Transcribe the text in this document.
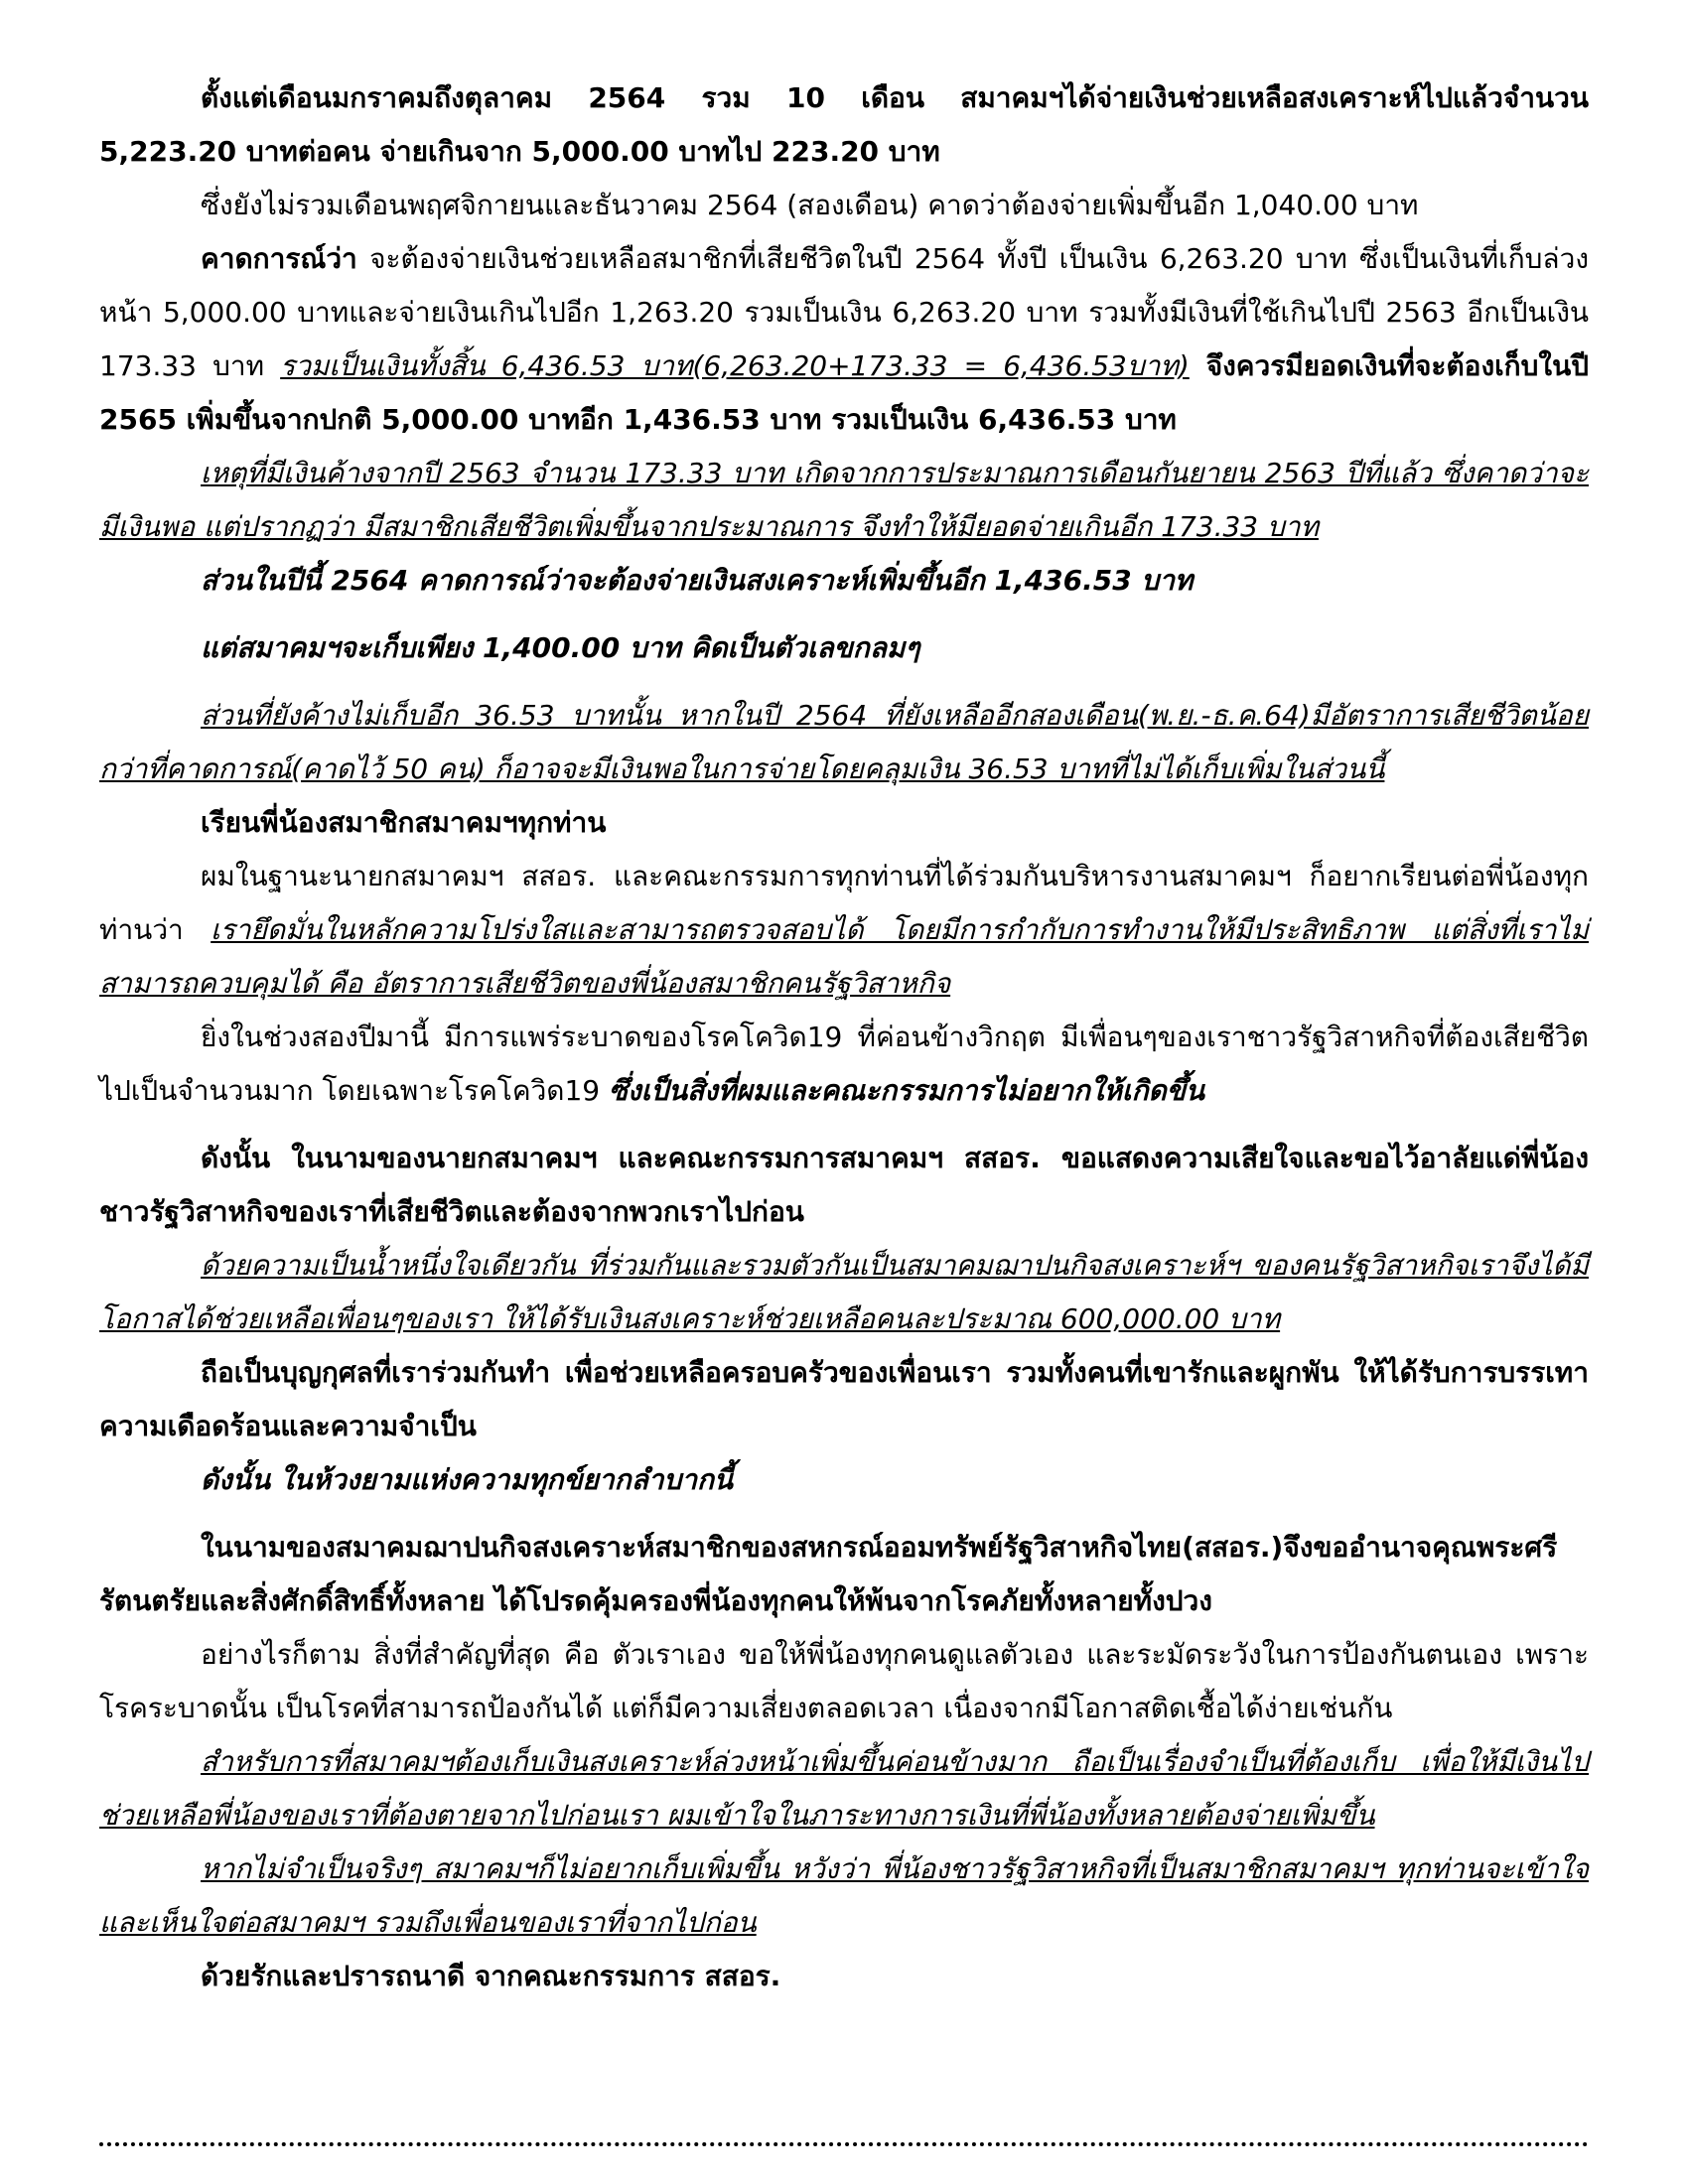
ตั้งแต่เดือนมกราคมถึงตุลาคม 2564 รวม 10 เดือน สมาคมฯได้จ่ายเงินช่วยเหลือสงเคราะห์ไปแล้วจำนวน 5,223.20 บาทต่อคน จ่ายเกินจาก 5,000.00 บาทไป 223.20 บาท

ซึ่งยังไม่รวมเดือนพฤศจิกายนและธันวาคม 2564 (สองเดือน) คาดว่าต้องจ่ายเพิ่มขึ้นอีก 1,040.00 บาท

คาดการณ์ว่า จะต้องจ่ายเงินช่วยเหลือสมาชิกที่เสียชีวิตในปี 2564 ทั้งปี เป็นเงิน 6,263.20 บาท ซึ่งเป็นเงินที่เก็บล่วงหน้า 5,000.00 บาทและจ่ายเงินเกินไปอีก 1,263.20 รวมเป็นเงิน 6,263.20 บาท รวมทั้งมีเงินที่ใช้เกินไปปี 2563 อีกเป็นเงิน 173.33 บาท รวมเป็นเงินทั้งสิ้น 6,436.53 บาท(6,263.20+173.33 = 6,436.53บาท) จึงควรมียอดเงินที่จะต้องเก็บในปี 2565 เพิ่มขึ้นจากปกติ 5,000.00 บาทอีก 1,436.53 บาท รวมเป็นเงิน 6,436.53 บาท

เหตุที่มีเงินค้างจากปี 2563 จำนวน 173.33 บาท เกิดจากการประมาณการเดือนกันยายน 2563 ปีที่แล้ว ซึ่งคาดว่าจะมีเงินพอ แต่ปรากฏว่า มีสมาชิกเสียชีวิตเพิ่มขึ้นจากประมาณการ จึงทำให้มียอดจ่ายเกินอีก 173.33 บาท

ส่วนในปีนี้ 2564 คาดการณ์ว่าจะต้องจ่ายเงินสงเคราะห์เพิ่มขึ้นอีก 1,436.53 บาท

แต่สมาคมฯจะเก็บเพียง 1,400.00 บาท คิดเป็นตัวเลขกลมๆ

ส่วนที่ยังค้างไม่เก็บอีก 36.53 บาทนั้น หากในปี 2564 ที่ยังเหลืออีกสองเดือน(พ.ย.-ธ.ค.64)มีอัตราการเสียชีวิตน้อยกว่าที่คาดการณ์(คาดไว้ 50 คน) ก็อาจจะมีเงินพอในการจ่ายโดยคลุมเงิน 36.53 บาทที่ไม่ได้เก็บเพิ่มในส่วนนี้

เรียนพี่น้องสมาชิกสมาคมฯทุกท่าน

ผมในฐานะนายกสมาคมฯ สสอร. และคณะกรรมการทุกท่านที่ได้ร่วมกันบริหารงานสมาคมฯ ก็อยากเรียนต่อพี่น้องทุกท่านว่า เรายึดมั่นในหลักความโปร่งใสและสามารถตรวจสอบได้ โดยมีการกำกับการทำงานให้มีประสิทธิภาพ แต่สิ่งที่เราไม่สามารถควบคุมได้ คือ อัตราการเสียชีวิตของพี่น้องสมาชิกคนรัฐวิสาหกิจ

ยิ่งในช่วงสองปีมานี้ มีการแพร่ระบาดของโรคโควิด19 ที่ค่อนข้างวิกฤต มีเพื่อนๆของเราชาวรัฐวิสาหกิจที่ต้องเสียชีวิตไปเป็นจำนวนมาก โดยเฉพาะโรคโควิด19 ซึ่งเป็นสิ่งที่ผมและคณะกรรมการไม่อยากให้เกิดขึ้น

ดังนั้น ในนามของนายกสมาคมฯ และคณะกรรมการสมาคมฯ สสอร. ขอแสดงความเสียใจและขอไว้อาลัยแด่พี่น้องชาวรัฐวิสาหกิจของเราที่เสียชีวิตและต้องจากพวกเราไปก่อน

ด้วยความเป็นน้ำหนึ่งใจเดียวกัน ที่ร่วมกันและรวมตัวกันเป็นสมาคมฌาปนกิจสงเคราะห์ฯ ของคนรัฐวิสาหกิจเราจึงได้มีโอกาสได้ช่วยเหลือเพื่อนๆของเรา ให้ได้รับเงินสงเคราะห์ช่วยเหลือคนละประมาณ 600,000.00 บาท

ถือเป็นบุญกุศลที่เราร่วมกันทำ เพื่อช่วยเหลือครอบครัวของเพื่อนเรา รวมทั้งคนที่เขารักและผูกพัน ให้ได้รับการบรรเทาความเดือดร้อนและความจำเป็น

ดังนั้น ในห้วงยามแห่งความทุกข์ยากลำบากนี้

ในนามของสมาคมฌาปนกิจสงเคราะห์สมาชิกของสหกรณ์ออมทรัพย์รัฐวิสาหกิจไทย(สสอร.)จึงขออำนาจคุณพระศรีรัตนตรัยและสิ่งศักดิ์สิทธิ์ทั้งหลาย ได้โปรดคุ้มครองพี่น้องทุกคนให้พ้นจากโรคภัยทั้งหลายทั้งปวง

อย่างไรก็ตาม สิ่งที่สำคัญที่สุด คือ ตัวเราเอง ขอให้พี่น้องทุกคนดูแลตัวเอง และระมัดระวังในการป้องกันตนเอง เพราะโรคระบาดนั้น เป็นโรคที่สามารถป้องกันได้ แต่ก็มีความเสี่ยงตลอดเวลา เนื่องจากมีโอกาสติดเชื้อได้ง่ายเช่นกัน

สำหรับการที่สมาคมฯต้องเก็บเงินสงเคราะห์ล่วงหน้าเพิ่มขึ้นค่อนข้างมาก ถือเป็นเรื่องจำเป็นที่ต้องเก็บ เพื่อให้มีเงินไปช่วยเหลือพี่น้องของเราที่ต้องตายจากไปก่อนเรา ผมเข้าใจในภาระทางการเงินที่พี่น้องทั้งหลายต้องจ่ายเพิ่มขึ้น

หากไม่จำเป็นจริงๆ สมาคมฯก็ไม่อยากเก็บเพิ่มขึ้น หวังว่า พี่น้องชาวรัฐวิสาหกิจที่เป็นสมาชิกสมาคมฯ ทุกท่านจะเข้าใจ และเห็นใจต่อสมาคมฯ รวมถึงเพื่อนของเราที่จากไปก่อน

ด้วยรักและปรารถนาดี จากคณะกรรมการ สสอร.
